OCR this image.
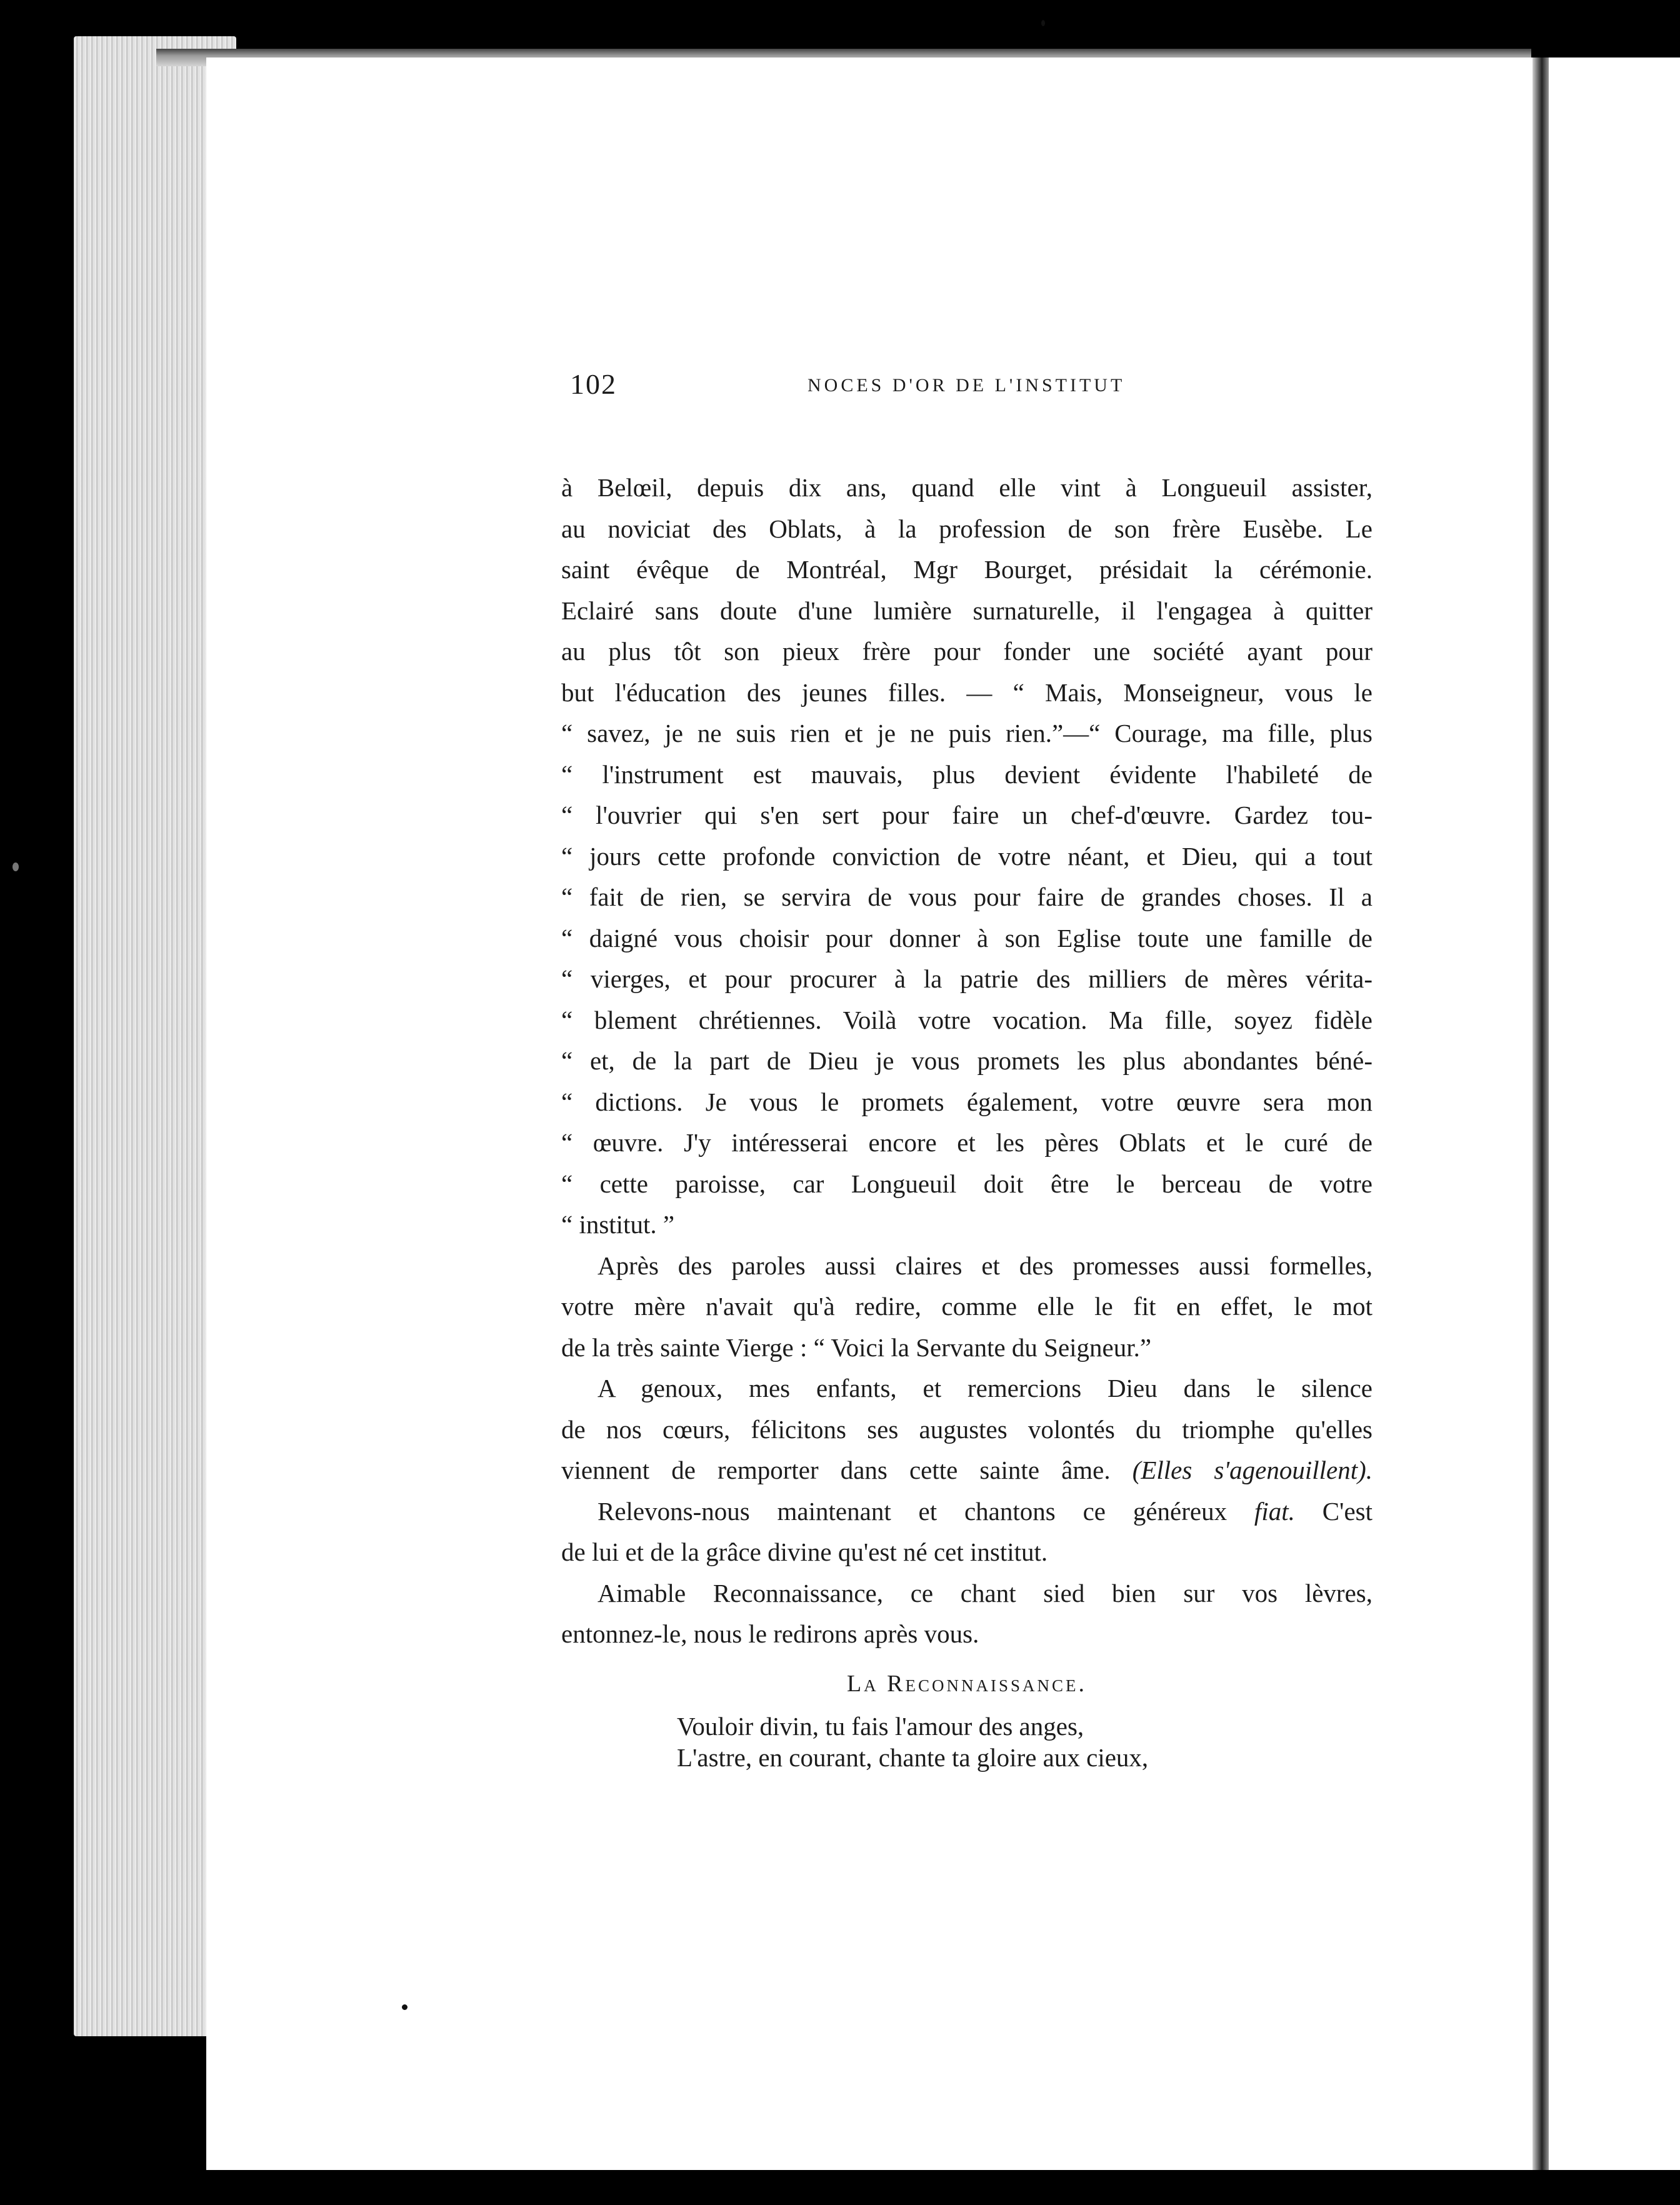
102	NOCES D'OR DE L'INSTITUT

à Belœil, depuis dix ans, quand elle vint à Longueuil assister,

au noviciat des Oblats, à la profession de son frère Eusèbe. Le

saint évêque de Montréal, Mgr Bourget, présidait la cérémonie.

Eclairé sans doute d'une lumière surnaturelle, il l'engagea à quitter

au plus tôt son pieux frère pour fonder une société ayant pour

but l'éducation des jeunes filles. — “ Mais, Monseigneur, vous le

“ savez, je ne suis rien et je ne puis rien.”—“ Courage, ma fille, plus

“ l'instrument est mauvais, plus devient évidente l'habileté de

“ l'ouvrier qui s'en sert pour faire un chef-d'œuvre. Gardez tou-

“ jours cette profonde conviction de votre néant, et Dieu, qui a tout

“ fait de rien, se servira de vous pour faire de grandes choses. Il a

“ daigné vous choisir pour donner à son Eglise toute une famille de

“ vierges, et pour procurer à la patrie des milliers de mères vérita-

“ blement chrétiennes. Voilà votre vocation. Ma fille, soyez fidèle

“ et, de la part de Dieu je vous promets les plus abondantes béné-

“ dictions. Je vous le promets également, votre œuvre sera mon

“ œuvre. J'y intéresserai encore et les pères Oblats et le curé de

“ cette paroisse, car Longueuil doit être le berceau de votre

“ institut. ”

Après des paroles aussi claires et des promesses aussi formelles,

votre mère n'avait qu'à redire, comme elle le fit en effet, le mot

de la très sainte Vierge : “ Voici la Servante du Seigneur.”

A genoux, mes enfants, et remercions Dieu dans le silence

de nos cœurs, félicitons ses augustes volontés du triomphe qu'elles

viennent de remporter dans cette sainte âme. (Elles s'agenouillent).

Relevons-nous maintenant et chantons ce généreux fiat. C'est

de lui et de la grâce divine qu'est né cet institut.

Aimable Reconnaissance, ce chant sied bien sur vos lèvres,

entonnez-le, nous le redirons après vous.

La Reconnaissance.

Vouloir divin, tu fais l'amour des anges,

L'astre, en courant, chante ta gloire aux cieux,
